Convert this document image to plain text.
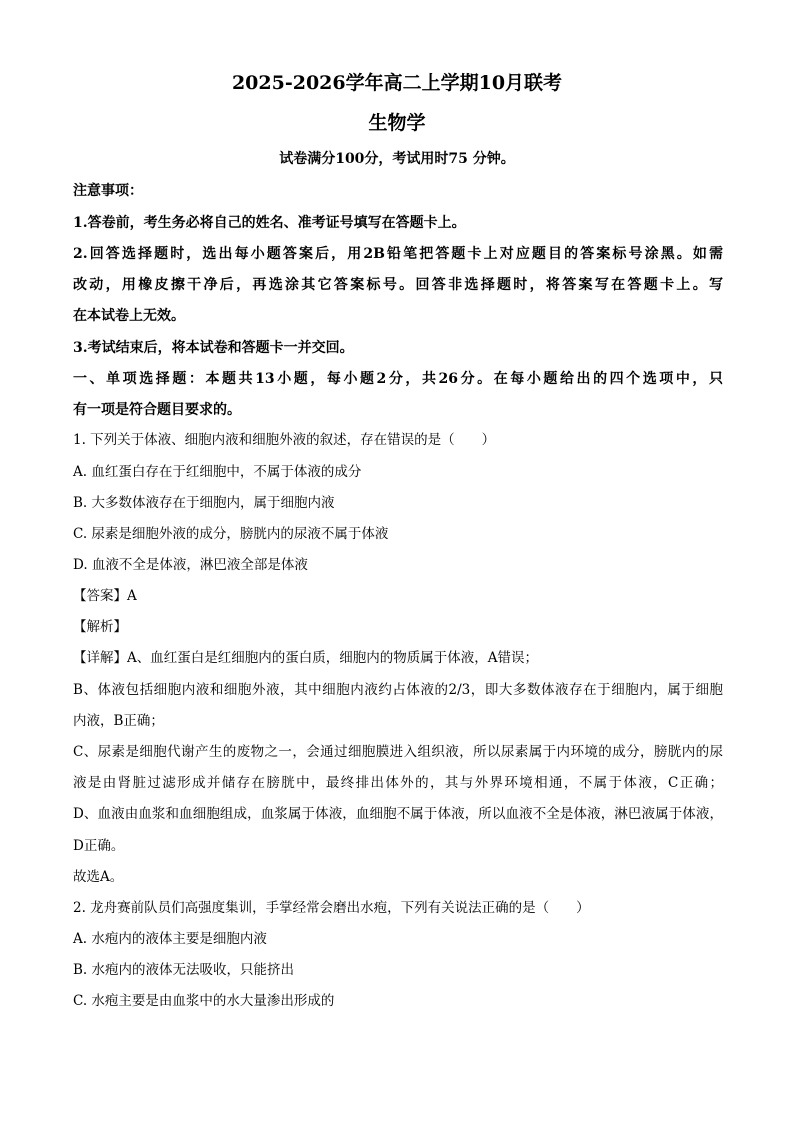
2025-2026学年高二上学期10月联考
生物学
试卷满分100分，考试用时75 分钟。
注意事项：
1.答卷前，考生务必将自己的姓名、准考证号填写在答题卡上。
2.回答选择题时，选出每小题答案后，用2B铅笔把答题卡上对应题目的答案标号涂黑。如需
改动，用橡皮擦干净后，再选涂其它答案标号。回答非选择题时，将答案写在答题卡上。写
在本试卷上无效。
3.考试结束后，将本试卷和答题卡一并交回。
一、单项选择题：本题共13小题，每小题2分，共26分。在每小题给出的四个选项中，只
有一项是符合题目要求的。
1. 下列关于体液、细胞内液和细胞外液的叙述，存在错误的是（　　）
A. 血红蛋白存在于红细胞中，不属于体液的成分
B. 大多数体液存在于细胞内，属于细胞内液
C. 尿素是细胞外液的成分，膀胱内的尿液不属于体液
D. 血液不全是体液，淋巴液全部是体液
【答案】A
【解析】
【详解】A、血红蛋白是红细胞内的蛋白质，细胞内的物质属于体液，A错误；
B、体液包括细胞内液和细胞外液，其中细胞内液约占体液的2/3，即大多数体液存在于细胞内，属于细胞
内液，B正确；
C、尿素是细胞代谢产生的废物之一，会通过细胞膜进入组织液，所以尿素属于内环境的成分，膀胱内的尿
液是由肾脏过滤形成并储存在膀胱中，最终排出体外的，其与外界环境相通，不属于体液，C正确；
D、血液由血浆和血细胞组成，血浆属于体液，血细胞不属于体液，所以血液不全是体液，淋巴液属于体液，
D正确。
故选A。
2. 龙舟赛前队员们高强度集训，手掌经常会磨出水疱，下列有关说法正确的是（　　）
A. 水疱内的液体主要是细胞内液
B. 水疱内的液体无法吸收，只能挤出
C. 水疱主要是由血浆中的水大量渗出形成的
